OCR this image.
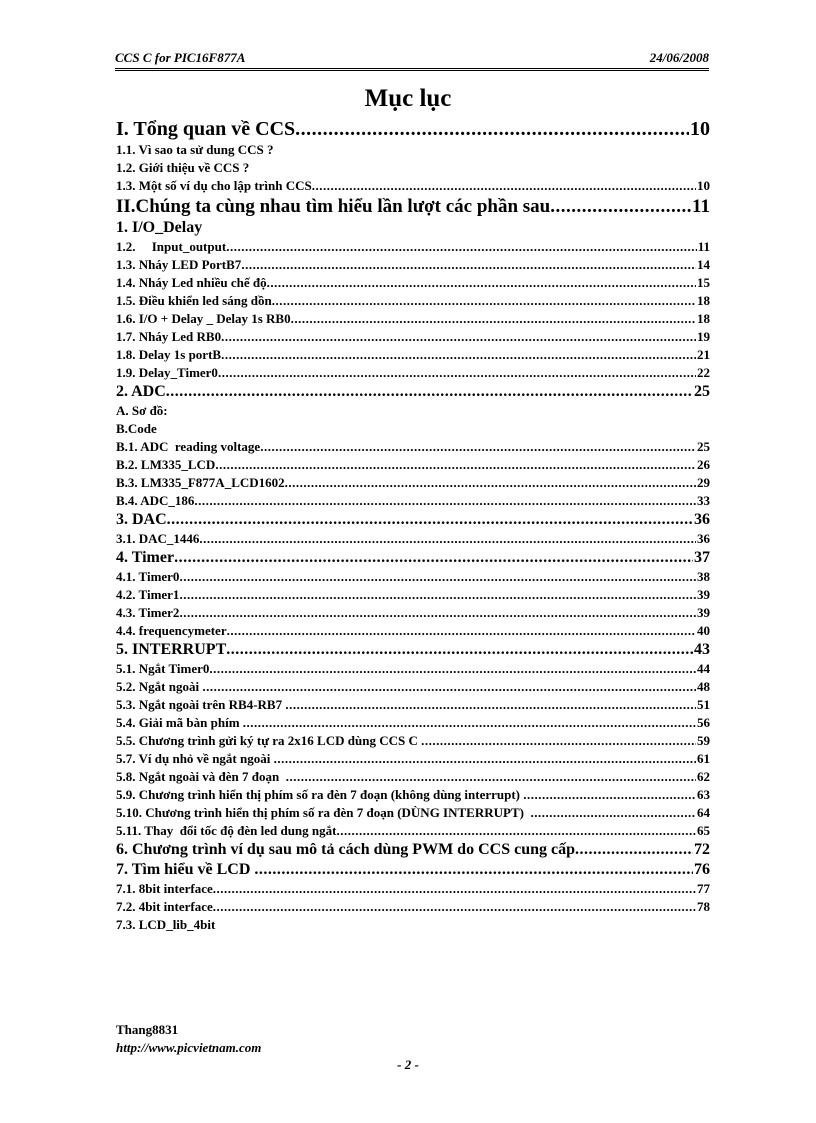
CCS C for PIC16F877A	24/06/2008
Mục lục
I. Tổng quan về CCS .....	10
1.1. Vì sao ta sử dung CCS ?
1.2. Giới thiệu về CCS ?
1.3. Một số ví dụ cho lập trình CCS .....	10
II.Chúng ta cùng nhau tìm hiểu lần lượt các phần sau .....	11
1. I/O_Delay
1.2.     Input_output .....	11
1.3. Nháy LED PortB7 .....	14
1.4. Nháy Led nhiều chế độ .....	15
1.5. Điều khiển led sáng dồn .....	18
1.6. I/O + Delay _ Delay 1s RB0 .....	18
1.7. Nháy Led RB0 .....	19
1.8. Delay 1s portB .....	21
1.9. Delay_Timer0 .....	22
2. ADC .....	25
A. Sơ đồ:
B.Code
B.1. ADC  reading voltage .....	25
B.2. LM335_LCD .....	26
B.3. LM335_F877A_LCD1602 .....	29
B.4. ADC_186 .....	33
3. DAC .....	36
3.1. DAC_1446 .....	36
4. Timer .....	37
4.1. Timer0 .....	38
4.2. Timer1 .....	39
4.3. Timer2 .....	39
4.4. frequencymeter .....	40
5. INTERRUPT .....	43
5.1. Ngắt Timer0 .....	44
5.2. Ngắt ngoài .....	48
5.3. Ngắt ngoài trên RB4-RB7 .....	51
5.4. Giải mã bàn phím .....	56
5.5. Chương trình gửi ký tự ra 2x16 LCD dùng CCS C .....	59
5.7. Ví dụ nhỏ về ngắt ngoài .....	61
5.8. Ngắt ngoài và đèn 7 đoạn .....	62
5.9. Chương trình hiển thị phím số ra đèn 7 đoạn (không dùng interrupt) .....	63
5.10. Chương trình hiển thị phím số ra đèn 7 đoạn (DÙNG INTERRUPT) .....	64
5.11. Thay  đổi tốc độ đèn led dung ngắt .....	65
6. Chương trình ví dụ sau mô tả cách dùng PWM do CCS cung cấp .....	72
7. Tìm hiểu về LCD .....	76
7.1. 8bit interface .....	77
7.2. 4bit interface .....	78
7.3. LCD_lib_4bit
Thang8831
http://www.picvietnam.com
- 2 -
